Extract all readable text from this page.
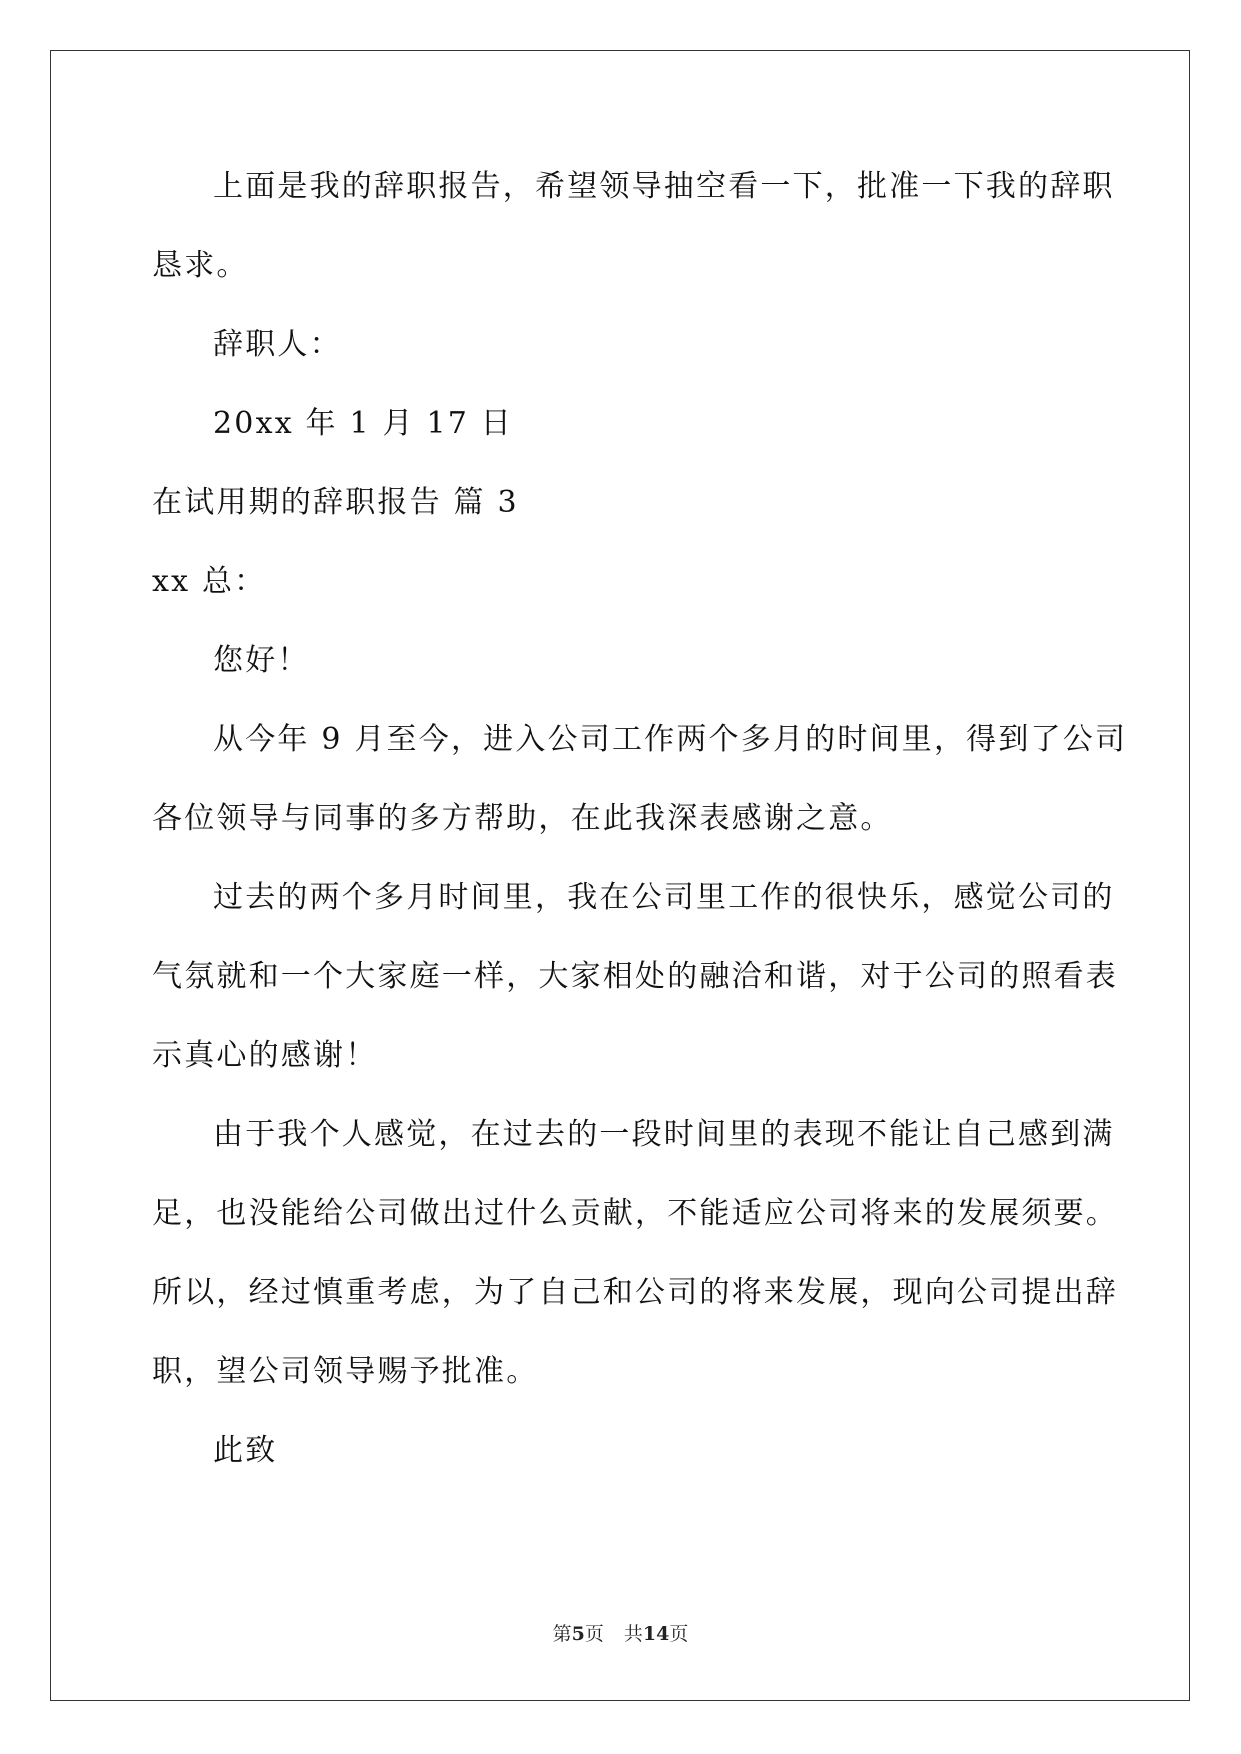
上面是我的辞职报告，希望领导抽空看一下，批准一下我的辞职
恳求。
辞职人：
20xx 年 1 月 17 日
在试用期的辞职报告 篇 3
xx 总：
您好！
从今年 9 月至今，进入公司工作两个多月的时间里，得到了公司
各位领导与同事的多方帮助，在此我深表感谢之意。
过去的两个多月时间里，我在公司里工作的很快乐，感觉公司的
气氛就和一个大家庭一样，大家相处的融洽和谐，对于公司的照看表
示真心的感谢！
由于我个人感觉，在过去的一段时间里的表现不能让自己感到满
足，也没能给公司做出过什么贡献，不能适应公司将来的发展须要。
所以，经过慎重考虑，为了自己和公司的将来发展，现向公司提出辞
职，望公司领导赐予批准。
此致
第5页 共14页
